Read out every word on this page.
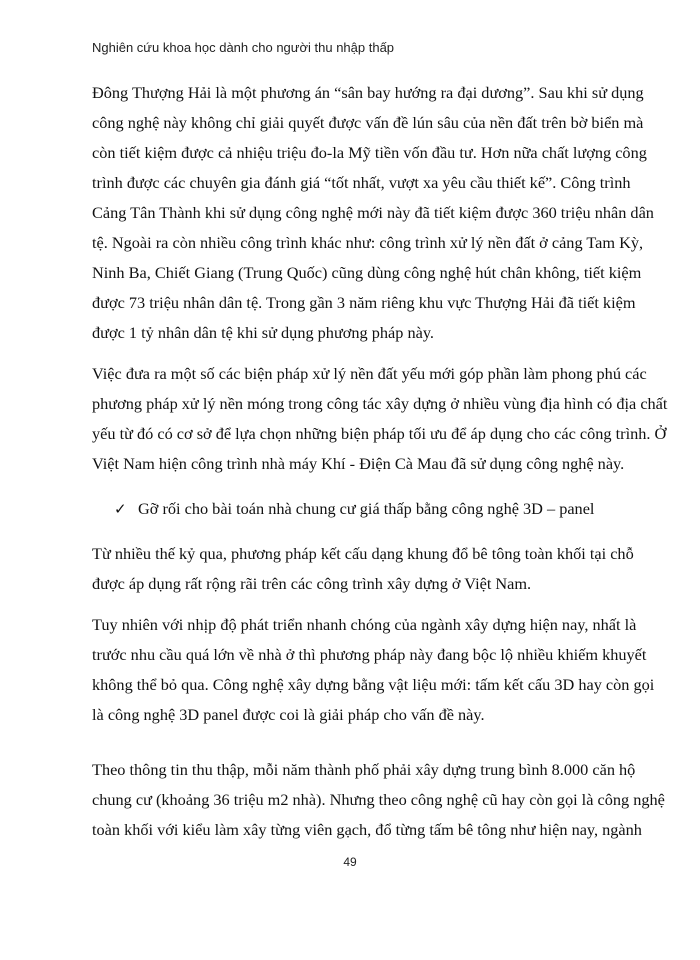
Nghiên cứu khoa học dành cho người thu nhập thấp
Đông Thượng Hải là một phương án “sân bay hướng ra đại dương”. Sau khi sử dụng
công nghệ này không chỉ giải quyết được vấn đề lún sâu của nền đất trên bờ biển mà
còn tiết kiệm được cả nhiệu triệu đo-la Mỹ tiền vốn đầu tư. Hơn nữa chất lượng công
trình được các chuyên gia đánh giá “tốt nhất, vượt xa yêu cầu thiết kế”. Công trình
Cảng Tân Thành khi sử dụng công nghệ mới này đã tiết kiệm được 360 triệu nhân dân
tệ. Ngoài ra còn nhiều công trình khác như: công trình xử lý nền đất ở cảng Tam Kỳ,
Ninh Ba, Chiết Giang (Trung Quốc) cũng dùng công nghệ hút chân không, tiết kiệm
được 73 triệu nhân dân tệ. Trong gần 3 năm riêng khu vực Thượng Hải đã tiết kiệm
được 1 tỷ nhân dân tệ khi sử dụng phương pháp này.
Việc đưa ra một số các biện pháp xử lý nền đất yếu mới góp phần làm phong phú các
phương pháp xử lý nền móng trong công tác xây dựng ở nhiều vùng địa hình có địa chất
yếu từ đó có cơ sở để lựa chọn những biện pháp tối ưu để áp dụng cho các công trình. Ở
Việt Nam hiện công trình nhà máy Khí - Điện Cà Mau đã sử dụng công nghệ này.
✓ Gỡ rối cho bài toán nhà chung cư giá thấp bằng công nghệ 3D – panel
Từ nhiều thế kỷ qua, phương pháp kết cấu dạng khung đổ bê tông toàn khối tại chỗ
được áp dụng rất rộng rãi trên các công trình xây dựng ở Việt Nam.
Tuy nhiên với nhịp độ phát triển nhanh chóng của ngành xây dựng hiện nay, nhất là
trước nhu cầu quá lớn về nhà ở thì phương pháp này đang bộc lộ nhiều khiếm khuyết
không thể bỏ qua. Công nghệ xây dựng bằng vật liệu mới: tấm kết cấu 3D hay còn gọi
là công nghệ 3D panel được coi là giải pháp cho vấn đề này.
Theo thông tin thu thập, mỗi năm thành phố phải xây dựng trung bình 8.000 căn hộ
chung cư (khoảng 36 triệu m2 nhà). Nhưng theo công nghệ cũ hay còn gọi là công nghệ
toàn khối với kiểu làm xây từng viên gạch, đổ từng tấm bê tông như hiện nay, ngành
49
